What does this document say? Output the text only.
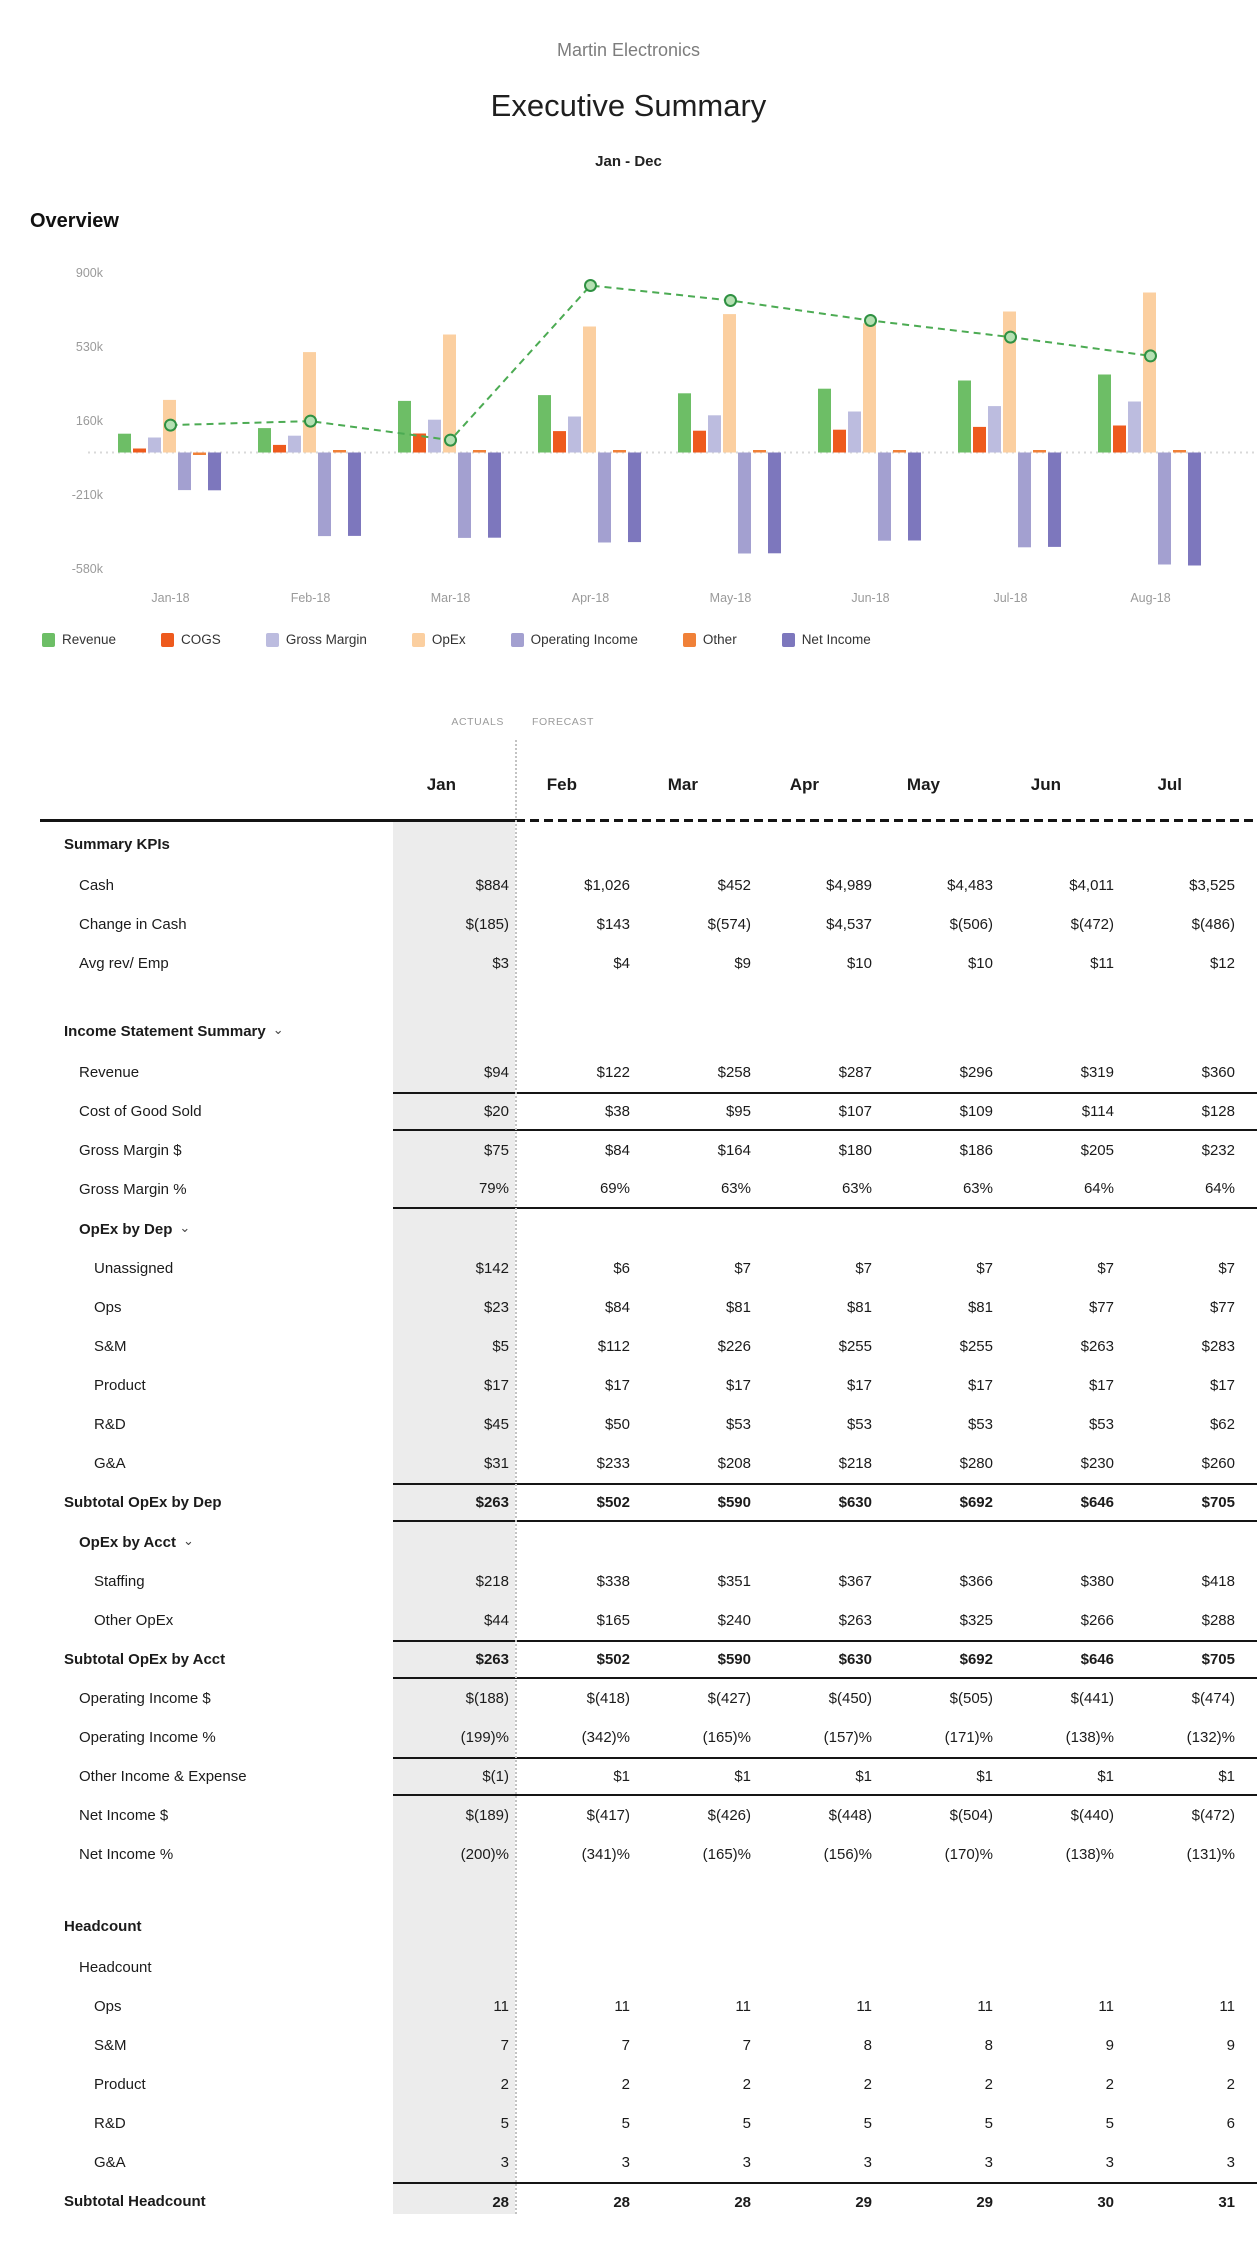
Martin Electronics
Executive Summary
Jan - Dec
Overview
900k
530k
160k
-210k
-580k
Jan-18	Feb-18	Mar-18	Apr-18	May-18	Jun-18	Jul-18	Aug-18
Revenue	COGS	Gross Margin	OpEx	Operating Income	Other	Net Income
ACTUALS	FORECAST
Jan	Feb	Mar	Apr	May	Jun	Jul
Summary KPIs
Cash	$884	$1,026	$452	$4,989	$4,483	$4,011	$3,525
Change in Cash	$(185)	$143	$(574)	$4,537	$(506)	$(472)	$(486)
Avg rev/ Emp	$3	$4	$9	$10	$10	$11	$12
Income Statement Summary ⌄
Revenue	$94	$122	$258	$287	$296	$319	$360
Cost of Good Sold	$20	$38	$95	$107	$109	$114	$128
Gross Margin $	$75	$84	$164	$180	$186	$205	$232
Gross Margin %	79%	69%	63%	63%	63%	64%	64%
OpEx by Dep ⌄
Unassigned	$142	$6	$7	$7	$7	$7	$7
Ops	$23	$84	$81	$81	$81	$77	$77
S&M	$5	$112	$226	$255	$255	$263	$283
Product	$17	$17	$17	$17	$17	$17	$17
R&D	$45	$50	$53	$53	$53	$53	$62
G&A	$31	$233	$208	$218	$280	$230	$260
Subtotal OpEx by Dep	$263	$502	$590	$630	$692	$646	$705
OpEx by Acct ⌄
Staffing	$218	$338	$351	$367	$366	$380	$418
Other OpEx	$44	$165	$240	$263	$325	$266	$288
Subtotal OpEx by Acct	$263	$502	$590	$630	$692	$646	$705
Operating Income $	$(188)	$(418)	$(427)	$(450)	$(505)	$(441)	$(474)
Operating Income %	(199)%	(342)%	(165)%	(157)%	(171)%	(138)%	(132)%
Other Income & Expense	$(1)	$1	$1	$1	$1	$1	$1
Net Income $	$(189)	$(417)	$(426)	$(448)	$(504)	$(440)	$(472)
Net Income %	(200)%	(341)%	(165)%	(156)%	(170)%	(138)%	(131)%
Headcount
Headcount
Ops	11	11	11	11	11	11	11
S&M	7	7	7	8	8	9	9
Product	2	2	2	2	2	2	2
R&D	5	5	5	5	5	5	6
G&A	3	3	3	3	3	3	3
Subtotal Headcount	28	28	28	29	29	30	31
